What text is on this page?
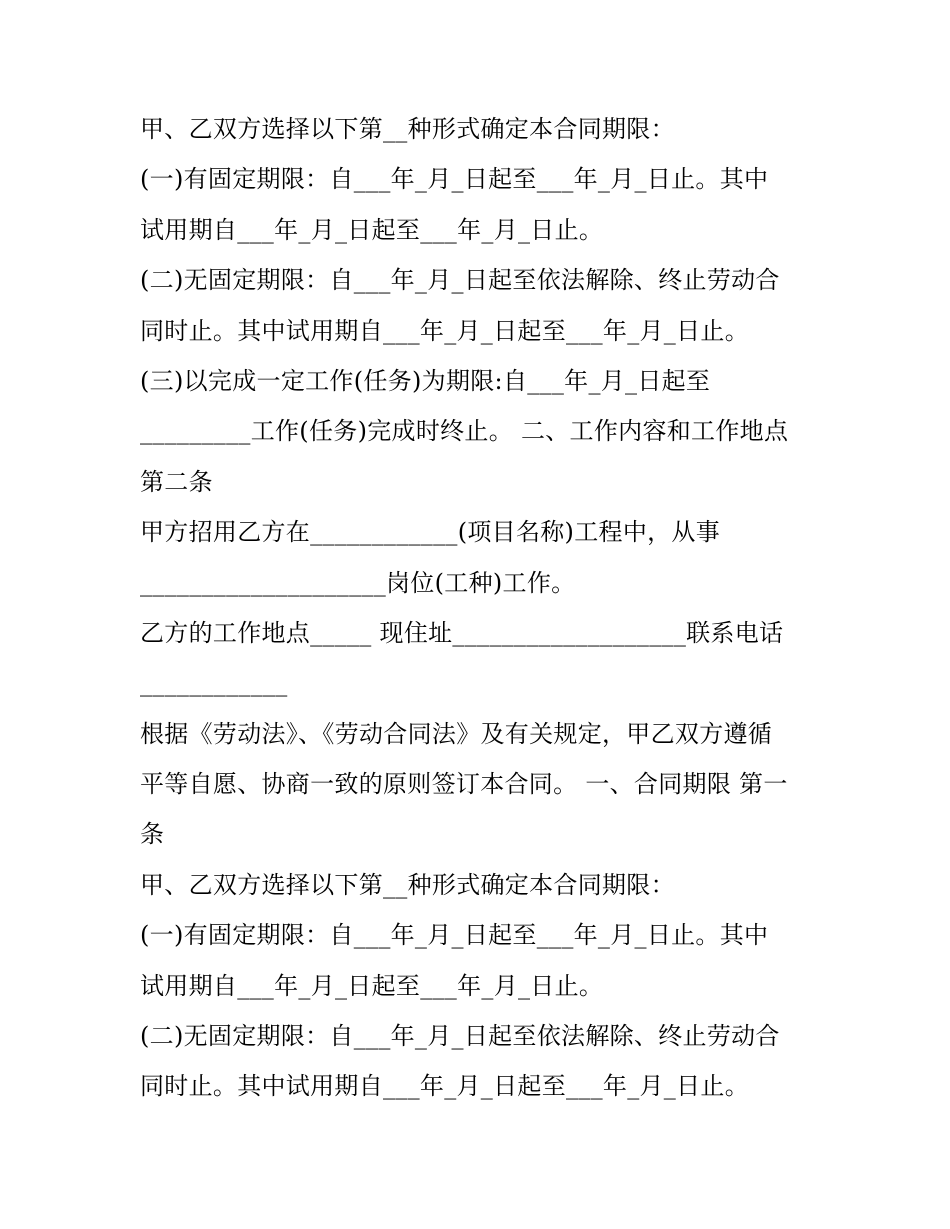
甲、乙双方选择以下第__种形式确定本合同期限：
(一)有固定期限：自___年_月_日起至___年_月_日止。其中
试用期自___年_月_日起至___年_月_日止。
(二)无固定期限：自___年_月_日起至依法解除、终止劳动合
同时止。其中试用期自___年_月_日起至___年_月_日止。
(三)以完成一定工作(任务)为期限:自___年_月_日起至
_________工作(任务)完成时终止。 二、工作内容和工作地点
第二条
甲方招用乙方在____________(项目名称)工程中，从事
____________________岗位(工种)工作。
乙方的工作地点_____ 现住址___________________联系电话
____________
根据《劳动法》、《劳动合同法》及有关规定，甲乙双方遵循
平等自愿、协商一致的原则签订本合同。 一、合同期限 第一
条
甲、乙双方选择以下第__种形式确定本合同期限：
(一)有固定期限：自___年_月_日起至___年_月_日止。其中
试用期自___年_月_日起至___年_月_日止。
(二)无固定期限：自___年_月_日起至依法解除、终止劳动合
同时止。其中试用期自___年_月_日起至___年_月_日止。
